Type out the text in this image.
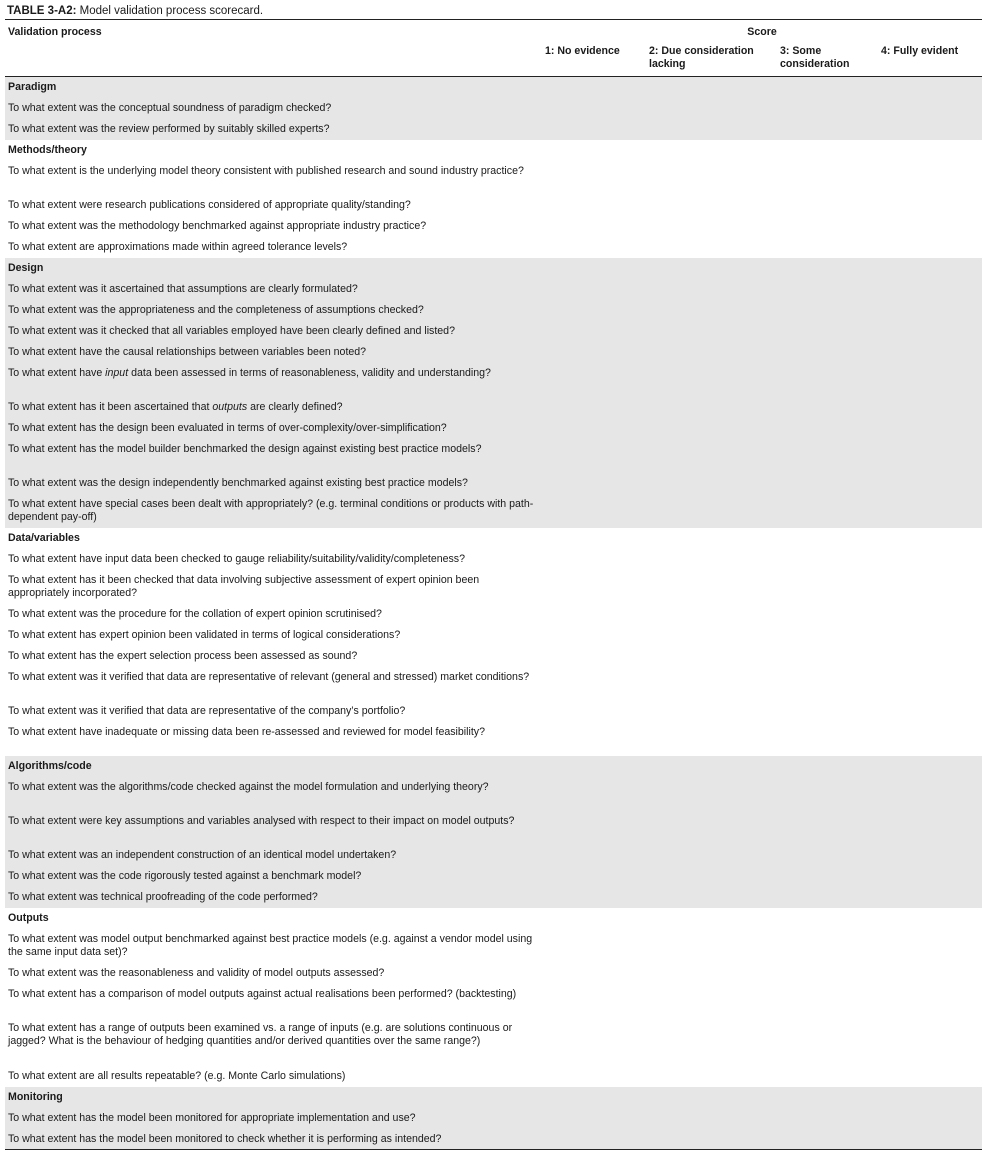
TABLE 3-A2: Model validation process scorecard.
Validation process	Score			
	1: No evidence	2: Due consideration lacking	3: Some consideration	4: Fully evident
Paradigm				
To what extent was the conceptual soundness of paradigm checked?				
To what extent was the review performed by suitably skilled experts?				
Methods/theory				
To what extent is the underlying model theory consistent with published research and sound industry practice?				
To what extent were research publications considered of appropriate quality/standing?				
To what extent was the methodology benchmarked against appropriate industry practice?				
To what extent are approximations made within agreed tolerance levels?				
Design				
To what extent was it ascertained that assumptions are clearly formulated?				
To what extent was the appropriateness and the completeness of assumptions checked?				
To what extent was it checked that all variables employed have been clearly defined and listed?				
To what extent have the causal relationships between variables been noted?				
To what extent have input data been assessed in terms of reasonableness, validity and understanding?				
To what extent has it been ascertained that outputs are clearly defined?				
To what extent has the design been evaluated in terms of over-complexity/over-simplification?				
To what extent has the model builder benchmarked the design against existing best practice models?				
To what extent was the design independently benchmarked against existing best practice models?				
To what extent have special cases been dealt with appropriately? (e.g. terminal conditions or products with path-dependent pay-off)				
Data/variables				
To what extent have input data been checked to gauge reliability/suitability/validity/completeness?				
To what extent has it been checked that data involving subjective assessment of expert opinion been appropriately incorporated?				
To what extent was the procedure for the collation of expert opinion scrutinised?				
To what extent has expert opinion been validated in terms of logical considerations?				
To what extent has the expert selection process been assessed as sound?				
To what extent was it verified that data are representative of relevant (general and stressed) market conditions?				
To what extent was it verified that data are representative of the company’s portfolio?				
To what extent have inadequate or missing data been re-assessed and reviewed for model feasibility?				
Algorithms/code				
To what extent was the algorithms/code checked against the model formulation and underlying theory?				
To what extent were key assumptions and variables analysed with respect to their impact on model outputs?				
To what extent was an independent construction of an identical model undertaken?				
To what extent was the code rigorously tested against a benchmark model?				
To what extent was technical proofreading of the code performed?				
Outputs				
To what extent was model output benchmarked against best practice models (e.g. against a vendor model using the same input data set)?				
To what extent was the reasonableness and validity of model outputs assessed?				
To what extent has a comparison of model outputs against actual realisations been performed? (backtesting)				
To what extent has a range of outputs been examined vs. a range of inputs (e.g. are solutions continuous or jagged? What is the behaviour of hedging quantities and/or derived quantities over the same range?)				
To what extent are all results repeatable? (e.g. Monte Carlo simulations)				
Monitoring				
To what extent has the model been monitored for appropriate implementation and use?				
To what extent has the model been monitored to check whether it is performing as intended?				
